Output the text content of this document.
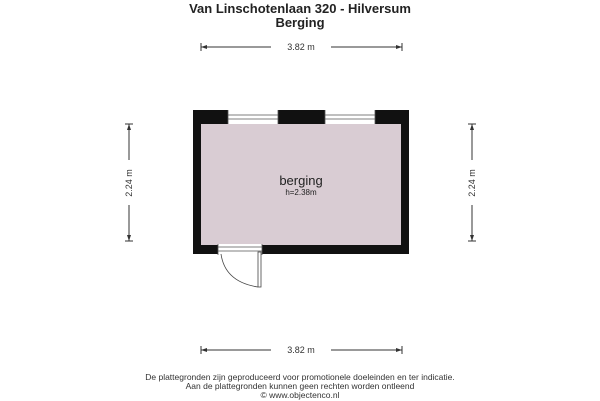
Van Linschotenlaan 320 - Hilversum
Berging
3.82 m
3.82 m
2.24 m	2.24 m
berging
h=2.38m
De plattegronden zijn geproduceerd voor promotionele doeleinden en ter indicatie.
Aan de plattegronden kunnen geen rechten worden ontleend
© www.objectenco.nl
